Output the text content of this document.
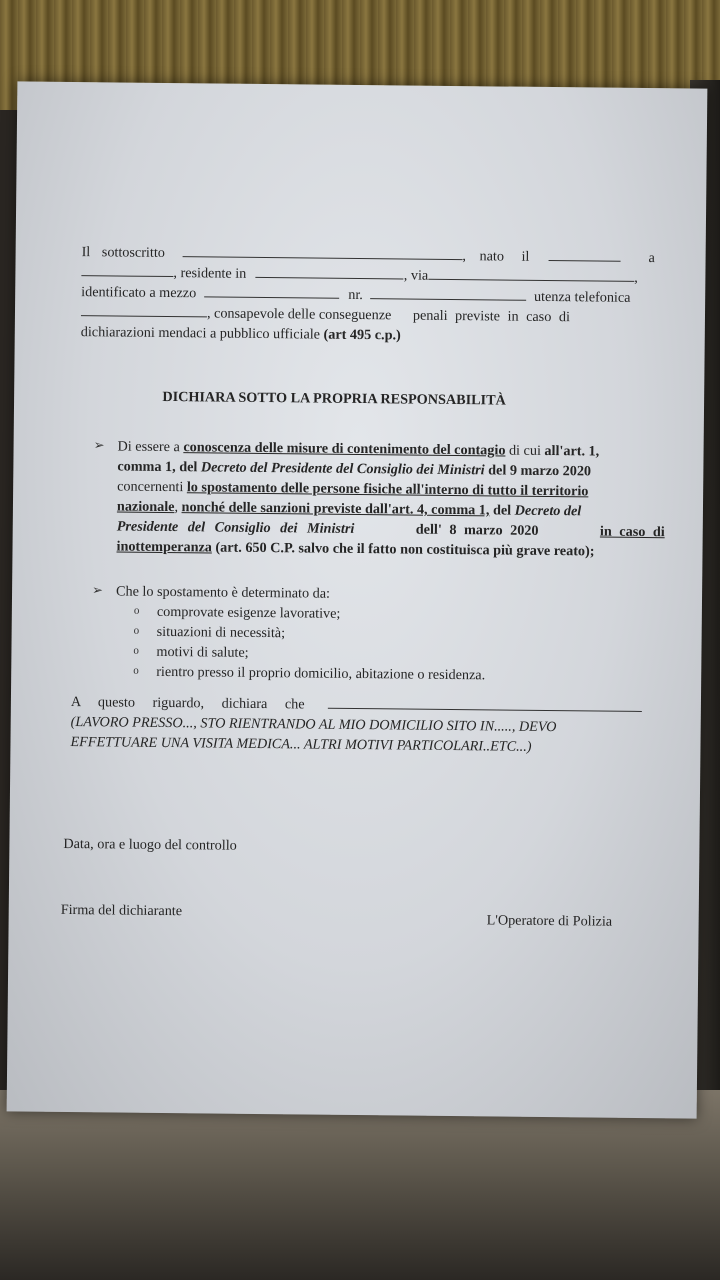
Il sottoscritto	, nato il	a
, residente in	, via	,
identificato a mezzo	nr.	utenza telefonica
, consapevole delle conseguenze penali previste in caso di
dichiarazioni mendaci a pubblico ufficiale (art 495 c.p.)
DICHIARA SOTTO LA PROPRIA RESPONSABILITÀ
➢ Di essere a conoscenza delle misure di contenimento del contagio di cui all'art. 1,
comma 1, del Decreto del Presidente del Consiglio dei Ministri del 9 marzo 2020
concernenti lo spostamento delle persone fisiche all'interno di tutto il territorio
nazionale, nonché delle sanzioni previste dall'art. 4, comma 1, del Decreto del
Presidente del Consiglio dei Ministri	dell' 8 marzo 2020	in caso di
inottemperanza (art. 650 C.P. salvo che il fatto non costituisca più grave reato);
➢ Che lo spostamento è determinato da:
o comprovate esigenze lavorative;
o situazioni di necessità;
o motivi di salute;
o rientro presso il proprio domicilio, abitazione o residenza.
A questo riguardo, dichiara che
(LAVORO PRESSO..., STO RIENTRANDO AL MIO DOMICILIO SITO IN....., DEVO
EFFETTUARE UNA VISITA MEDICA... ALTRI MOTIVI PARTICOLARI..ETC...)
Data, ora e luogo del controllo
Firma del dichiarante
L'Operatore di Polizia
